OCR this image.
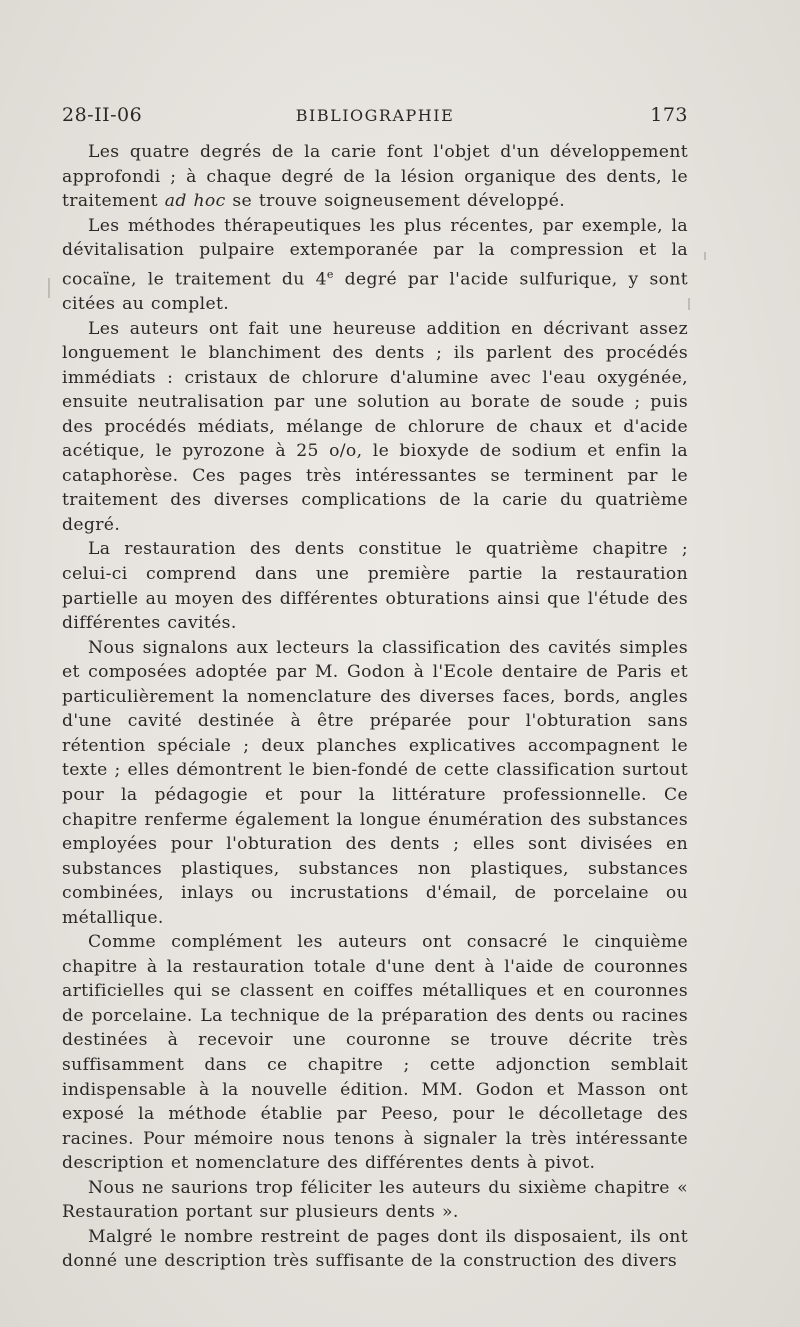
28-II-06	BIBLIOGRAPHIE	173

Les quatre degrés de la carie font l'objet d'un développement approfondi ; à chaque degré de la lésion organique des dents, le traitement ad hoc se trouve soigneusement développé.

Les méthodes thérapeutiques les plus récentes, par exemple, la dévitalisation pulpaire extemporanée par la compression et la cocaïne, le traitement du 4e degré par l'acide sulfurique, y sont citées au complet.

Les auteurs ont fait une heureuse addition en décrivant assez longuement le blanchiment des dents ; ils parlent des procédés immédiats : cristaux de chlorure d'alumine avec l'eau oxygénée, ensuite neutralisation par une solution au borate de soude ; puis des procédés médiats, mélange de chlorure de chaux et d'acide acétique, le pyrozone à 25 o/o, le bioxyde de sodium et enfin la cataphorèse. Ces pages très intéressantes se terminent par le traitement des diverses complications de la carie du quatrième degré.

La restauration des dents constitue le quatrième chapitre ; celui-ci comprend dans une première partie la restauration partielle au moyen des différentes obturations ainsi que l'étude des différentes cavités.

Nous signalons aux lecteurs la classification des cavités simples et composées adoptée par M. Godon à l'Ecole dentaire de Paris et particulièrement la nomenclature des diverses faces, bords, angles d'une cavité destinée à être préparée pour l'obturation sans rétention spéciale ; deux planches explicatives accompagnent le texte ; elles démontrent le bien-fondé de cette classification surtout pour la pédagogie et pour la littérature professionnelle. Ce chapitre renferme également la longue énumération des substances employées pour l'obturation des dents ; elles sont divisées en substances plastiques, substances non plastiques, substances combinées, inlays ou incrustations d'émail, de porcelaine ou métallique.

Comme complément les auteurs ont consacré le cinquième chapitre à la restauration totale d'une dent à l'aide de couronnes artificielles qui se classent en coiffes métalliques et en couronnes de porcelaine. La technique de la préparation des dents ou racines destinées à recevoir une couronne se trouve décrite très suffisamment dans ce chapitre ; cette adjonction semblait indispensable à la nouvelle édition. MM. Godon et Masson ont exposé la méthode établie par Peeso, pour le décolletage des racines. Pour mémoire nous tenons à signaler la très intéressante description et nomenclature des différentes dents à pivot.

Nous ne saurions trop féliciter les auteurs du sixième chapitre « Restauration portant sur plusieurs dents ».

Malgré le nombre restreint de pages dont ils disposaient, ils ont donné une description très suffisante de la construction des divers
